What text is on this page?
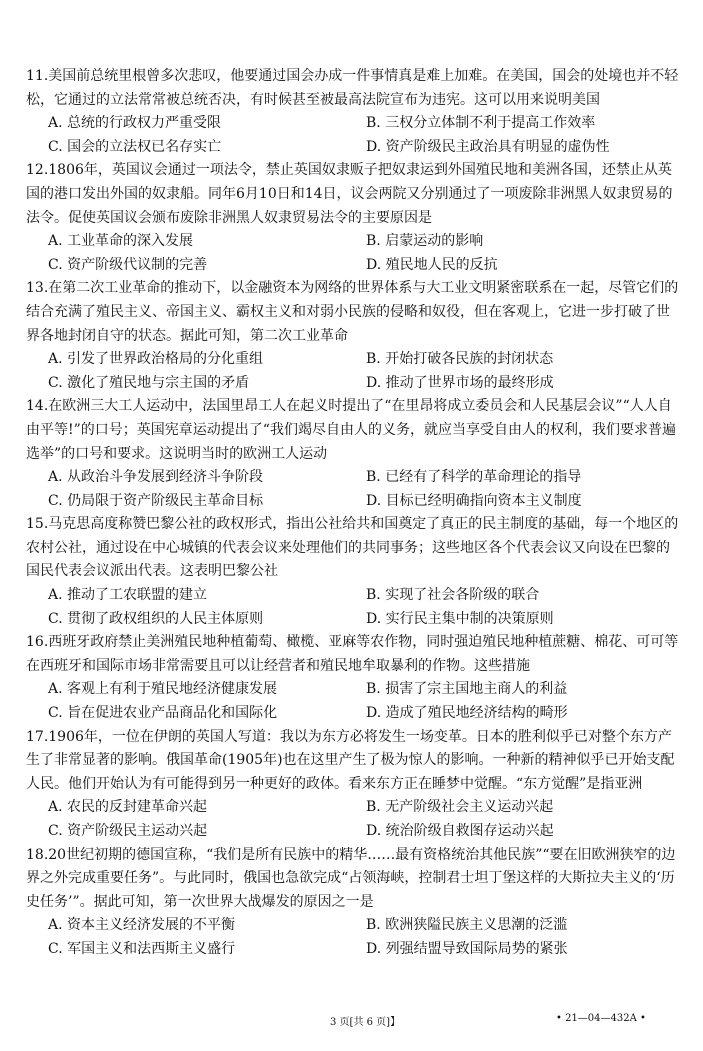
11.美国前总统里根曾多次悲叹，他要通过国会办成一件事情真是难上加难。在美国，国会的处境也并不轻松，它通过的立法常常被总统否决，有时候甚至被最高法院宣布为违宪。这可以用来说明美国
A. 总统的行政权力严重受限	B. 三权分立体制不利于提高工作效率
C. 国会的立法权已名存实亡	D. 资产阶级民主政治具有明显的虚伪性
12.1806年，英国议会通过一项法令，禁止英国奴隶贩子把奴隶运到外国殖民地和美洲各国，还禁止从英国的港口发出外国的奴隶船。同年6月10日和14日，议会两院又分别通过了一项废除非洲黑人奴隶贸易的法令。促使英国议会颁布废除非洲黑人奴隶贸易法令的主要原因是
A. 工业革命的深入发展	B. 启蒙运动的影响
C. 资产阶级代议制的完善	D. 殖民地人民的反抗
13.在第二次工业革命的推动下，以金融资本为网络的世界体系与大工业文明紧密联系在一起，尽管它们的结合充满了殖民主义、帝国主义、霸权主义和对弱小民族的侵略和奴役，但在客观上，它进一步打破了世界各地封闭自守的状态。据此可知，第二次工业革命
A. 引发了世界政治格局的分化重组	B. 开始打破各民族的封闭状态
C. 激化了殖民地与宗主国的矛盾	D. 推动了世界市场的最终形成
14.在欧洲三大工人运动中，法国里昂工人在起义时提出了“在里昂将成立委员会和人民基层会议”“人人自由平等!”的口号；英国宪章运动提出了“我们竭尽自由人的义务，就应当享受自由人的权利，我们要求普遍选举”的口号和要求。这说明当时的欧洲工人运动
A. 从政治斗争发展到经济斗争阶段	B. 已经有了科学的革命理论的指导
C. 仍局限于资产阶级民主革命目标	D. 目标已经明确指向资本主义制度
15.马克思高度称赞巴黎公社的政权形式，指出公社给共和国奠定了真正的民主制度的基础，每一个地区的农村公社，通过设在中心城镇的代表会议来处理他们的共同事务；这些地区各个代表会议又向设在巴黎的国民代表会议派出代表。这表明巴黎公社
A. 推动了工农联盟的建立	B. 实现了社会各阶级的联合
C. 贯彻了政权组织的人民主体原则	D. 实行民主集中制的决策原则
16.西班牙政府禁止美洲殖民地种植葡萄、橄榄、亚麻等农作物，同时强迫殖民地种植蔗糖、棉花、可可等在西班牙和国际市场非常需要且可以让经营者和殖民地牟取暴利的作物。这些措施
A. 客观上有利于殖民地经济健康发展	B. 损害了宗主国地主商人的利益
C. 旨在促进农业产品商品化和国际化	D. 造成了殖民地经济结构的畸形
17.1906年，一位在伊朗的英国人写道：我以为东方必将发生一场变革。日本的胜利似乎已对整个东方产生了非常显著的影响。俄国革命(1905年)也在这里产生了极为惊人的影响。一种新的精神似乎已开始支配人民。他们开始认为有可能得到另一种更好的政体。看来东方正在睡梦中觉醒。“东方觉醒”是指亚洲
A. 农民的反封建革命兴起	B. 无产阶级社会主义运动兴起
C. 资产阶级民主运动兴起	D. 统治阶级自救图存运动兴起
18.20世纪初期的德国宣称，“我们是所有民族中的精华……最有资格统治其他民族”“要在旧欧洲狭窄的边界之外完成重要任务”。与此同时，俄国也急欲完成“占领海峡，控制君士坦丁堡这样的大斯拉夫主义的‘历史任务’”。据此可知，第一次世界大战爆发的原因之一是
A. 资本主义经济发展的不平衡	B. 欧洲狭隘民族主义思潮的泛滥
C. 军国主义和法西斯主义盛行	D. 列强结盟导致国际局势的紧张
3 页[共 6 页]】	• 21—04—432A •
